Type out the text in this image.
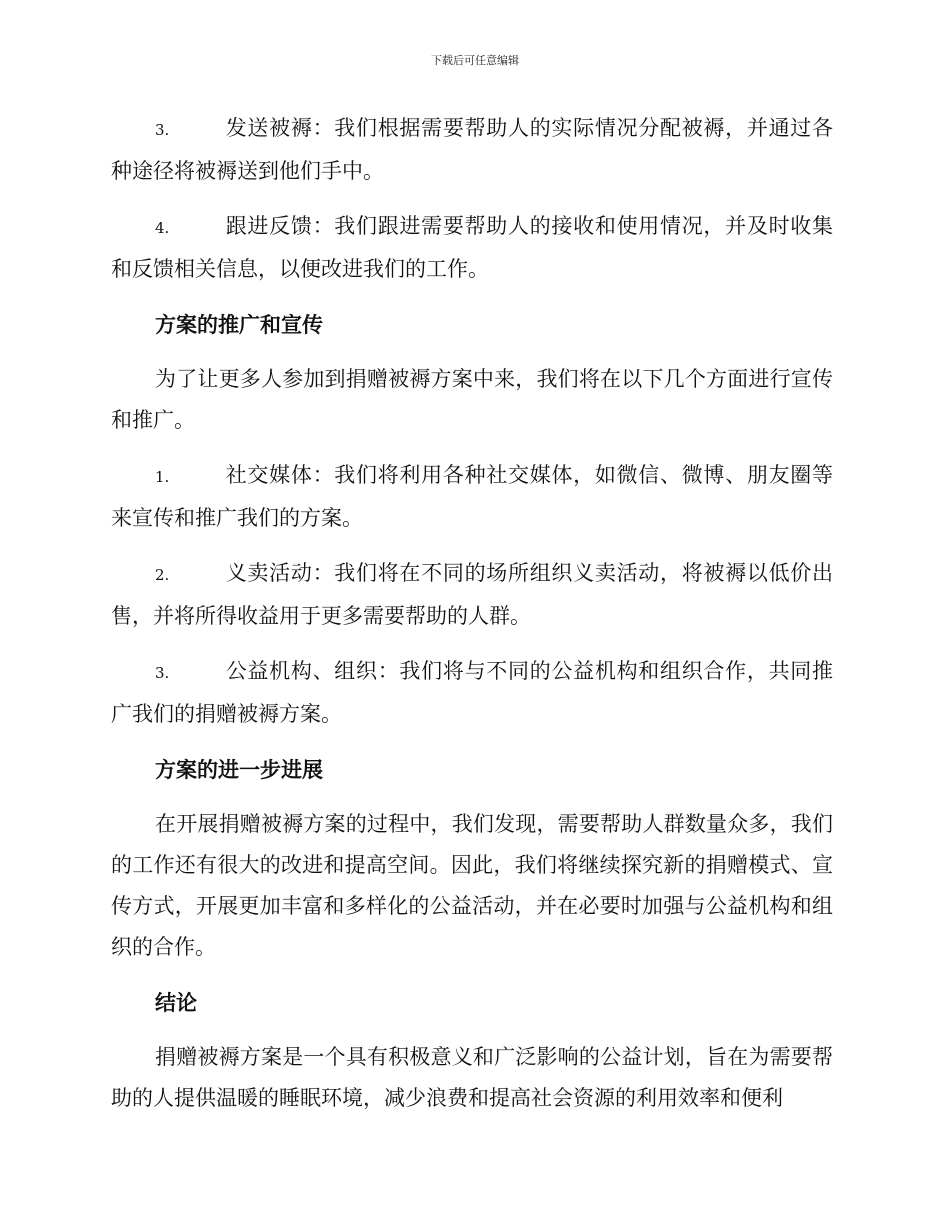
下载后可任意编辑

3.	发送被褥：我们根据需要帮助人的实际情况分配被褥，并通过各种途径将被褥送到他们手中。

4.	跟进反馈：我们跟进需要帮助人的接收和使用情况，并及时收集和反馈相关信息，以便改进我们的工作。

方案的推广和宣传

为了让更多人参加到捐赠被褥方案中来，我们将在以下几个方面进行宣传和推广。

1.	社交媒体：我们将利用各种社交媒体，如微信、微博、朋友圈等来宣传和推广我们的方案。

2.	义卖活动：我们将在不同的场所组织义卖活动，将被褥以低价出售，并将所得收益用于更多需要帮助的人群。

3.	公益机构、组织：我们将与不同的公益机构和组织合作，共同推广我们的捐赠被褥方案。

方案的进一步进展

在开展捐赠被褥方案的过程中，我们发现，需要帮助人群数量众多，我们的工作还有很大的改进和提高空间。因此，我们将继续探究新的捐赠模式、宣传方式，开展更加丰富和多样化的公益活动，并在必要时加强与公益机构和组织的合作。

结论

捐赠被褥方案是一个具有积极意义和广泛影响的公益计划，旨在为需要帮助的人提供温暖的睡眠环境，减少浪费和提高社会资源的利用效率和便利
